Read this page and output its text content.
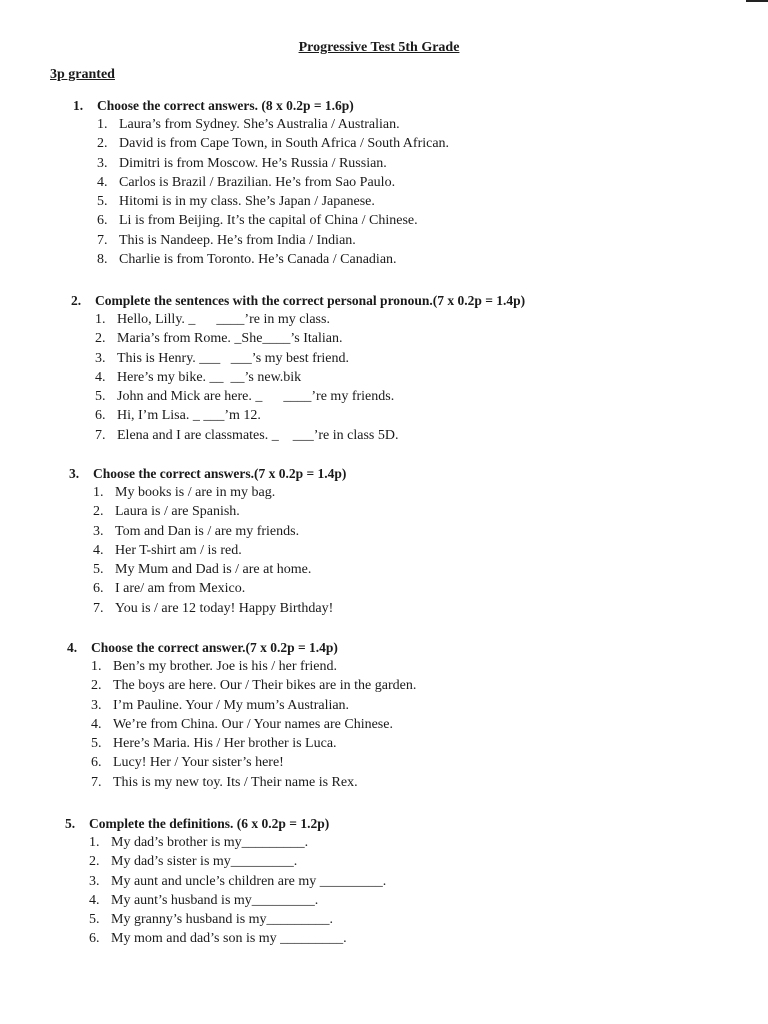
Progressive Test 5th Grade
3p granted
1. Choose the correct answers. (8 x 0.2p = 1.6p)
1. Laura’s from Sydney. She’s Australia / Australian.
2. David is from Cape Town, in South Africa / South African.
3. Dimitri is from Moscow. He’s Russia / Russian.
4. Carlos is Brazil / Brazilian. He’s from Sao Paulo.
5. Hitomi is in my class. She’s Japan / Japanese.
6. Li is from Beijing. It’s the capital of China / Chinese.
7. This is Nandeep. He’s from India / Indian.
8. Charlie is from Toronto. He’s Canada / Canadian.
2. Complete the sentences with the correct personal pronoun.(7 x 0.2p = 1.4p)
1. Hello, Lilly. _      ____’re in my class.
2. Maria’s from Rome. _She____’s Italian.
3. This is Henry. ___   ___’s my best friend.
4. Here’s my bike. __  __’s new.bik
5. John and Mick are here. _      ____’re my friends.
6. Hi, I’m Lisa. _ ___’m 12.
7. Elena and I are classmates. _    ___’re in class 5D.
3. Choose the correct answers.(7 x 0.2p = 1.4p)
1. My books is / are in my bag.
2. Laura is / are Spanish.
3. Tom and Dan is / are my friends.
4. Her T-shirt am / is red.
5. My Mum and Dad is / are at home.
6. I are/ am from Mexico.
7. You is / are 12 today! Happy Birthday!
4. Choose the correct answer.(7 x 0.2p = 1.4p)
1. Ben’s my brother. Joe is his / her friend.
2. The boys are here. Our / Their bikes are in the garden.
3. I’m Pauline. Your / My mum’s Australian.
4. We’re from China. Our / Your names are Chinese.
5. Here’s Maria. His / Her brother is Luca.
6. Lucy! Her / Your sister’s here!
7. This is my new toy. Its / Their name is Rex.
5. Complete the definitions. (6 x 0.2p = 1.2p)
1. My dad’s brother is my_________.
2. My dad’s sister is my_________.
3. My aunt and uncle’s children are my _________.
4. My aunt’s husband is my_________.
5. My granny’s husband is my_________.
6. My mom and dad’s son is my _________.
